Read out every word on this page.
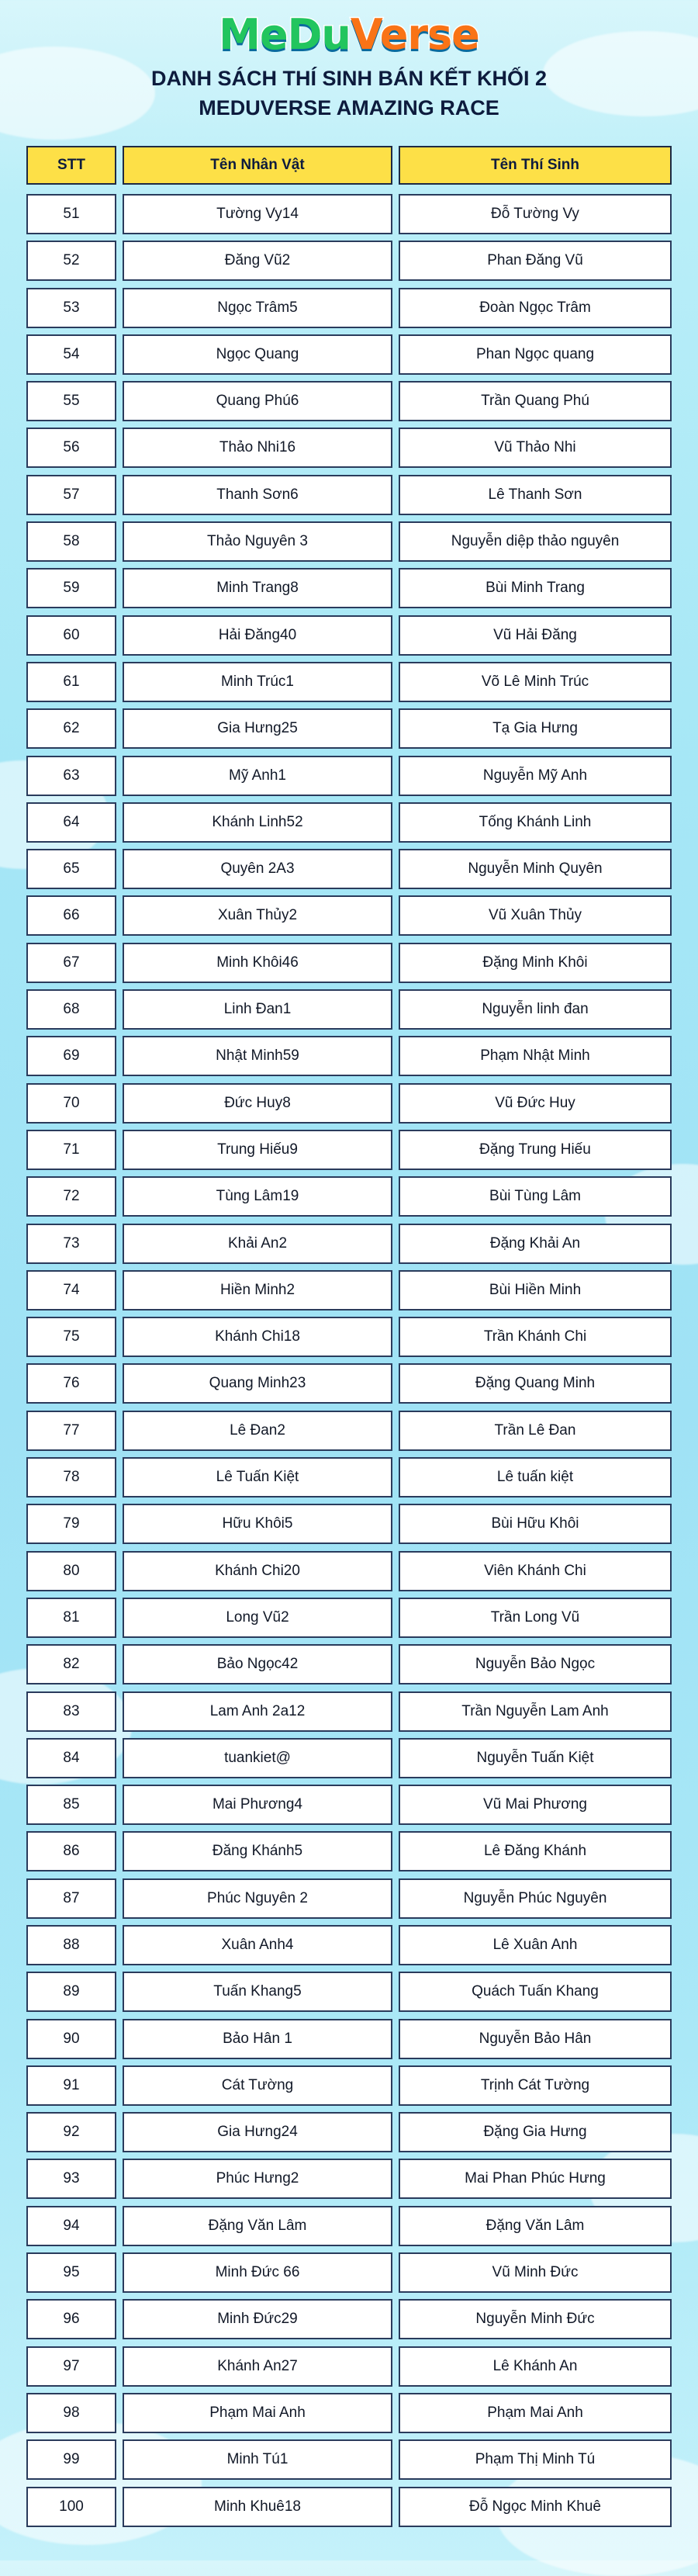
MeDuVerse
DANH SÁCH THÍ SINH BÁN KẾT KHỐI 2
MEDUVERSE AMAZING RACE
STT	Tên Nhân Vật	Tên Thí Sinh
51	Tường Vy14	Đỗ Tường Vy
52	Đăng Vũ2	Phan Đăng Vũ
53	Ngọc Trâm5	Đoàn Ngọc Trâm
54	Ngọc Quang	Phan Ngọc quang
55	Quang Phú6	Trần Quang Phú
56	Thảo Nhi16	Vũ Thảo Nhi
57	Thanh Sơn6	Lê Thanh Sơn
58	Thảo Nguyên 3	Nguyễn diệp thảo nguyên
59	Minh Trang8	Bùi Minh Trang
60	Hải Đăng40	Vũ Hải Đăng
61	Minh Trúc1	Võ Lê Minh Trúc
62	Gia Hưng25	Tạ Gia Hưng
63	Mỹ Anh1	Nguyễn Mỹ Anh
64	Khánh Linh52	Tống Khánh Linh
65	Quyên 2A3	Nguyễn Minh Quyên
66	Xuân Thủy2	Vũ Xuân Thủy
67	Minh Khôi46	Đặng Minh Khôi
68	Linh Đan1	Nguyễn linh đan
69	Nhật Minh59	Phạm Nhật Minh
70	Đức Huy8	Vũ Đức Huy
71	Trung Hiếu9	Đặng Trung Hiếu
72	Tùng Lâm19	Bùi Tùng Lâm
73	Khải An2	Đặng Khải An
74	Hiền Minh2	Bùi Hiền Minh
75	Khánh Chi18	Trần Khánh Chi
76	Quang Minh23	Đặng Quang Minh
77	Lê Đan2	Trần Lê Đan
78	Lê Tuấn Kiệt	Lê tuấn kiệt
79	Hữu Khôi5	Bùi Hữu Khôi
80	Khánh Chi20	Viên Khánh Chi
81	Long Vũ2	Trần Long Vũ
82	Bảo Ngọc42	Nguyễn Bảo Ngọc
83	Lam Anh 2a12	Trần Nguyễn Lam Anh
84	tuankiet@	Nguyễn Tuấn Kiệt
85	Mai Phương4	Vũ Mai Phương
86	Đăng Khánh5	Lê Đăng Khánh
87	Phúc Nguyên 2	Nguyễn Phúc Nguyên
88	Xuân Anh4	Lê Xuân Anh
89	Tuấn Khang5	Quách Tuấn Khang
90	Bảo Hân 1	Nguyễn Bảo Hân
91	Cát Tường	Trịnh Cát Tường
92	Gia Hưng24	Đặng Gia Hưng
93	Phúc Hưng2	Mai Phan Phúc Hưng
94	Đặng Văn Lâm	Đặng Văn Lâm
95	Minh Đức 66	Vũ Minh Đức
96	Minh Đức29	Nguyễn Minh Đức
97	Khánh An27	Lê Khánh An
98	Phạm Mai Anh	Phạm Mai Anh
99	Minh Tú1	Phạm Thị Minh Tú
100	Minh Khuê18	Đỗ Ngọc Minh Khuê
